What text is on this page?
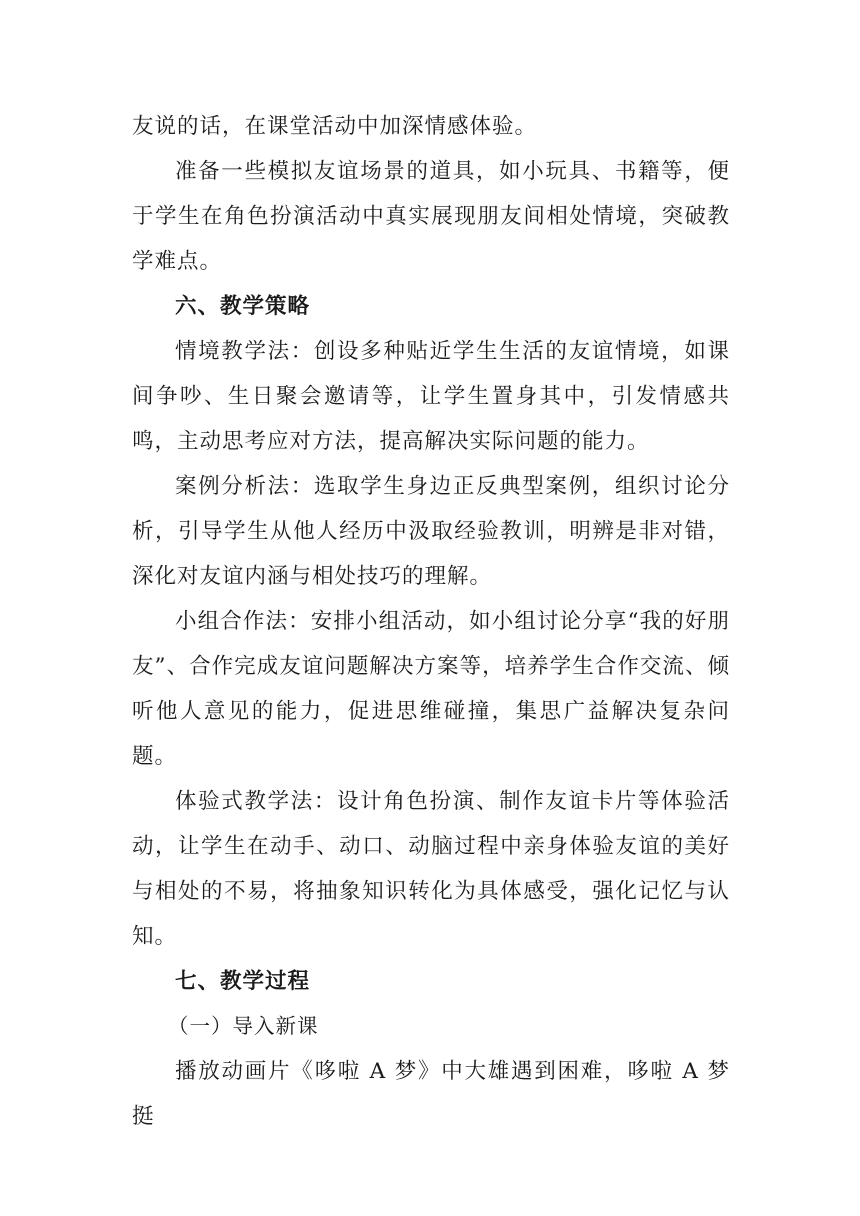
友说的话，在课堂活动中加深情感体验。

准备一些模拟友谊场景的道具，如小玩具、书籍等，便于学生在角色扮演活动中真实展现朋友间相处情境，突破教学难点。

六、教学策略

情境教学法：创设多种贴近学生生活的友谊情境，如课间争吵、生日聚会邀请等，让学生置身其中，引发情感共鸣，主动思考应对方法，提高解决实际问题的能力。

案例分析法：选取学生身边正反典型案例，组织讨论分析，引导学生从他人经历中汲取经验教训，明辨是非对错，深化对友谊内涵与相处技巧的理解。

小组合作法：安排小组活动，如小组讨论分享“我的好朋友”、合作完成友谊问题解决方案等，培养学生合作交流、倾听他人意见的能力，促进思维碰撞，集思广益解决复杂问题。

体验式教学法：设计角色扮演、制作友谊卡片等体验活动，让学生在动手、动口、动脑过程中亲身体验友谊的美好与相处的不易，将抽象知识转化为具体感受，强化记忆与认知。

七、教学过程

（一）导入新课

播放动画片《哆啦 A 梦》中大雄遇到困难，哆啦 A 梦挺
